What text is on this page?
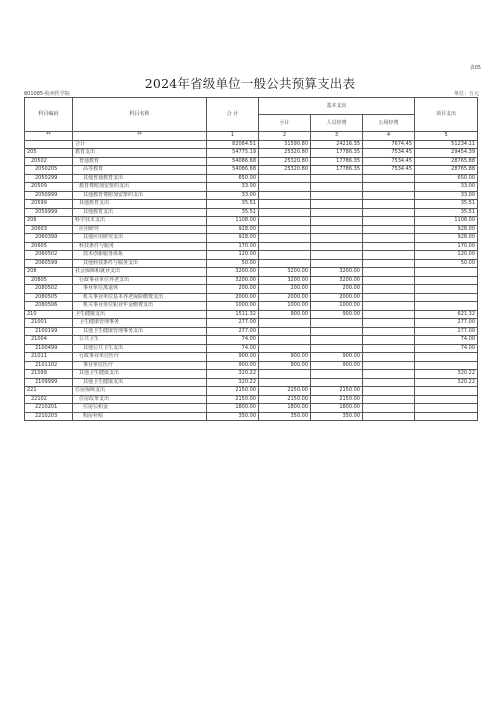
表05
2024年省级单位一般公共预算支出表
801085-杭州医学院	单位：万元
科目编码	科目名称	合 计	基本支出			项目支出
			小计	人员经费	公用经费	
**	**	1	2	3	4	5
	合计	82084.51	31590.80	24216.35	7674.45	51234.11
205	教育支出	54775.19	25320.80	17786.35	7534.45	29454.39
20502	普通教育	54086.68	25320.80	17786.35	7534.45	28765.88
2050205	高等教育	54086.68	25320.80	17786.35	7534.45	28765.88
2050299	其他普通教育支出	650.00				650.00
20509	教育费附加安排的支出	33.00				33.00
2050999	其他教育费附加安排的支出	33.00				33.00
20599	其他教育支出	35.51				35.51
2059999	其他教育支出	35.51				35.51
206	科学技术支出	1108.00				1108.00
20603	应用研究	928.00				928.00
2060399	其他应用研究支出	928.00				928.00
20605	科技条件与服务	170.00				170.00
2060502	技术创新服务体系	120.00				120.00
2060599	其他科技条件与服务支出	50.00				50.00
208	社会保障和就业支出	3200.00	3200.00	3200.00		
20805	行政事业单位养老支出	3200.00	3200.00	3200.00		
2080502	事业单位离退休	200.00	200.00	200.00		
2080505	机关事业单位基本养老保险缴费支出	2000.00	2000.00	2000.00		
2080506	机关事业单位职业年金缴费支出	1000.00	1000.00	1000.00		
210	卫生健康支出	1511.32	900.00	900.00		621.32
21001	卫生健康管理事务	277.00				277.00
2100199	其他卫生健康管理事务支出	277.00				277.00
21004	公共卫生	74.00				74.00
2100499	其他公共卫生支出	74.00				74.00
21011	行政事业单位医疗	900.00	900.00	900.00		
2101102	事业单位医疗	900.00	900.00	900.00		
21099	其他卫生健康支出	320.22				320.22
2109999	其他卫生健康支出	320.22				320.22
221	住房保障支出	2150.00	2150.00	2150.00		
22102	住房改革支出	2150.00	2150.00	2150.00		
2210201	住房公积金	1800.00	1800.00	1800.00		
2210203	购房补贴	350.00	350.00	350.00		
